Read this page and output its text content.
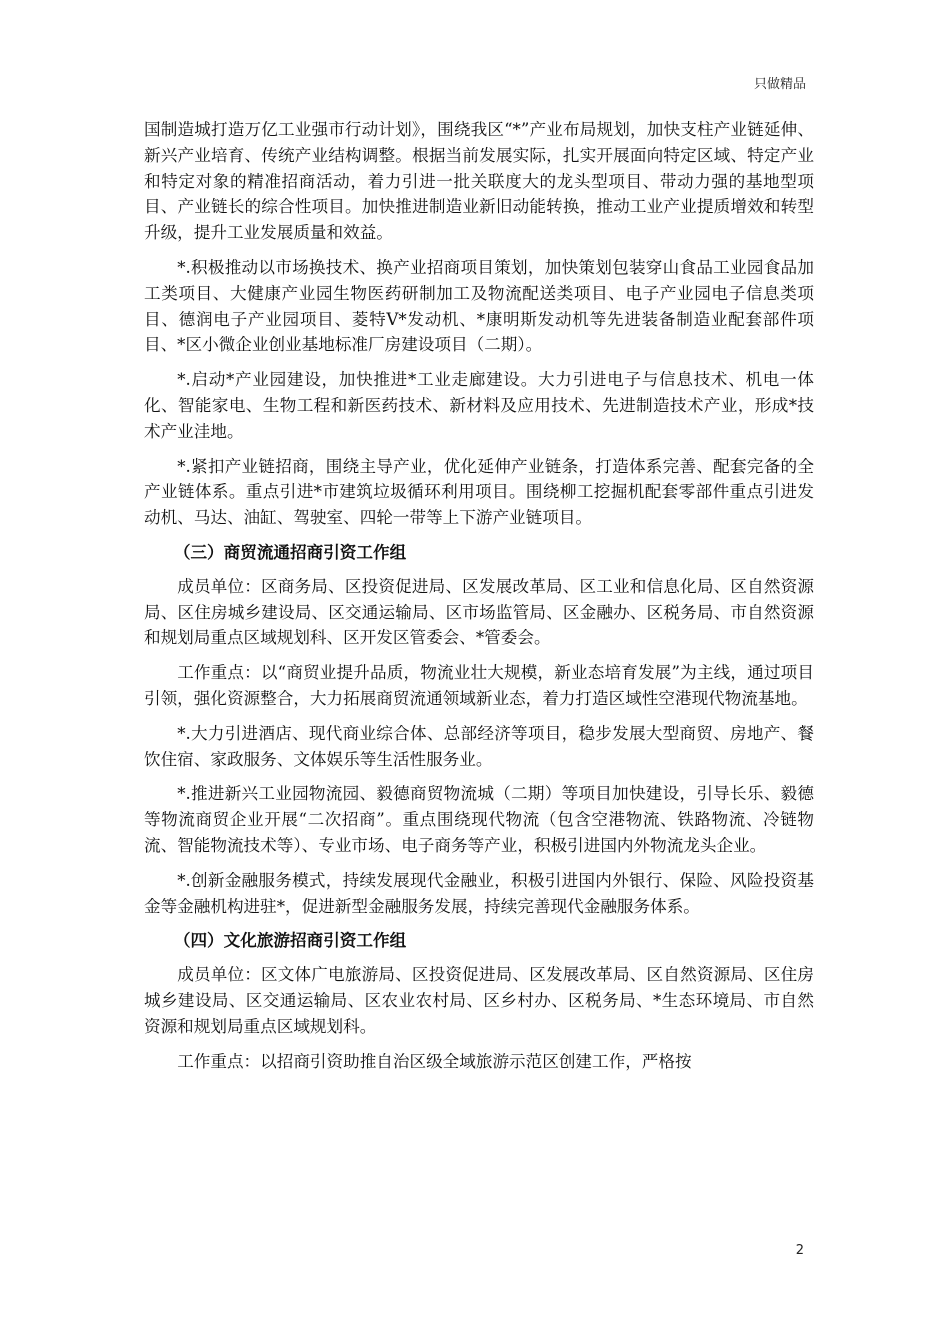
只做精品

国制造城打造万亿工业强市行动计划》，围绕我区“*”产业布局规划，加快支柱产业链延伸、新兴产业培育、传统产业结构调整。根据当前发展实际，扎实开展面向特定区域、特定产业和特定对象的精准招商活动，着力引进一批关联度大的龙头型项目、带动力强的基地型项目、产业链长的综合性项目。加快推进制造业新旧动能转换，推动工业产业提质增效和转型升级，提升工业发展质量和效益。

*.积极推动以市场换技术、换产业招商项目策划，加快策划包装穿山食品工业园食品加工类项目、大健康产业园生物医药研制加工及物流配送类项目、电子产业园电子信息类项目、德润电子产业园项目、菱特V*发动机、*康明斯发动机等先进装备制造业配套部件项目、*区小微企业创业基地标准厂房建设项目（二期）。

*.启动*产业园建设，加快推进*工业走廊建设。大力引进电子与信息技术、机电一体化、智能家电、生物工程和新医药技术、新材料及应用技术、先进制造技术产业，形成*技术产业洼地。

*.紧扣产业链招商，围绕主导产业，优化延伸产业链条，打造体系完善、配套完备的全产业链体系。重点引进*市建筑垃圾循环利用项目。围绕柳工挖掘机配套零部件重点引进发动机、马达、油缸、驾驶室、四轮一带等上下游产业链项目。

（三）商贸流通招商引资工作组

成员单位：区商务局、区投资促进局、区发展改革局、区工业和信息化局、区自然资源局、区住房城乡建设局、区交通运输局、区市场监管局、区金融办、区税务局、市自然资源和规划局重点区域规划科、区开发区管委会、*管委会。

工作重点：以“商贸业提升品质，物流业壮大规模，新业态培育发展”为主线，通过项目引领，强化资源整合，大力拓展商贸流通领域新业态，着力打造区域性空港现代物流基地。

*.大力引进酒店、现代商业综合体、总部经济等项目，稳步发展大型商贸、房地产、餐饮住宿、家政服务、文体娱乐等生活性服务业。

*.推进新兴工业园物流园、毅德商贸物流城（二期）等项目加快建设，引导长乐、毅德等物流商贸企业开展“二次招商”。重点围绕现代物流（包含空港物流、铁路物流、冷链物流、智能物流技术等）、专业市场、电子商务等产业，积极引进国内外物流龙头企业。

*.创新金融服务模式，持续发展现代金融业，积极引进国内外银行、保险、风险投资基金等金融机构进驻*，促进新型金融服务发展，持续完善现代金融服务体系。

（四）文化旅游招商引资工作组

成员单位：区文体广电旅游局、区投资促进局、区发展改革局、区自然资源局、区住房城乡建设局、区交通运输局、区农业农村局、区乡村办、区税务局、*生态环境局、市自然资源和规划局重点区域规划科。

工作重点：以招商引资助推自治区级全域旅游示范区创建工作，严格按

2
